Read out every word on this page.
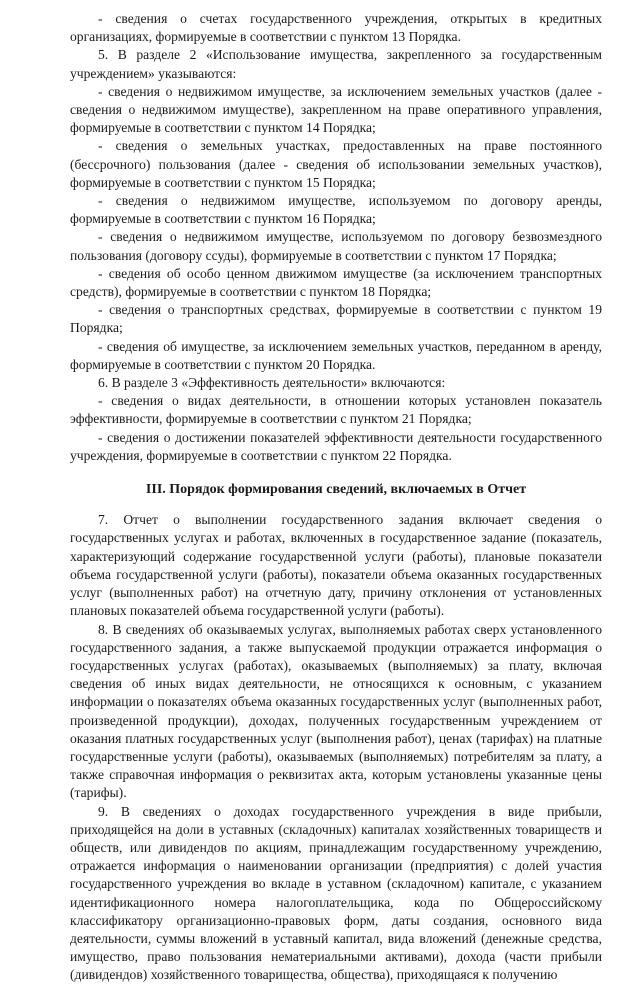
- сведения о счетах государственного учреждения, открытых в кредитных организациях, формируемые в соответствии с пунктом 13 Порядка.

5. В разделе 2 «Использование имущества, закрепленного за государственным учреждением» указываются:

- сведения о недвижимом имуществе, за исключением земельных участков (далее - сведения о недвижимом имуществе), закрепленном на праве оперативного управления, формируемые в соответствии с пунктом 14 Порядка;

- сведения о земельных участках, предоставленных на праве постоянного (бессрочного) пользования (далее - сведения об использовании земельных участков), формируемые в соответствии с пунктом 15 Порядка;

- сведения о недвижимом имуществе, используемом по договору аренды, формируемые в соответствии с пунктом 16 Порядка;

- сведения о недвижимом имуществе, используемом по договору безвозмездного пользования (договору ссуды), формируемые в соответствии с пунктом 17 Порядка;

- сведения об особо ценном движимом имуществе (за исключением транспортных средств), формируемые в соответствии с пунктом 18 Порядка;

- сведения о транспортных средствах, формируемые в соответствии с пунктом 19 Порядка;

- сведения об имуществе, за исключением земельных участков, переданном в аренду, формируемые в соответствии с пунктом 20 Порядка.

6. В разделе 3 «Эффективность деятельности» включаются:

- сведения о видах деятельности, в отношении которых установлен показатель эффективности, формируемые в соответствии с пунктом 21 Порядка;

- сведения о достижении показателей эффективности деятельности государственного учреждения, формируемые в соответствии с пунктом 22 Порядка.

III. Порядок формирования сведений, включаемых в Отчет

7. Отчет о выполнении государственного задания включает сведения о государственных услугах и работах, включенных в государственное задание (показатель, характеризующий содержание государственной услуги (работы), плановые показатели объема государственной услуги (работы), показатели объема оказанных государственных услуг (выполненных работ) на отчетную дату, причину отклонения от установленных плановых показателей объема государственной услуги (работы).

8. В сведениях об оказываемых услугах, выполняемых работах сверх установленного государственного задания, а также выпускаемой продукции отражается информация о государственных услугах (работах), оказываемых (выполняемых) за плату, включая сведения об иных видах деятельности, не относящихся к основным, с указанием информации о показателях объема оказанных государственных услуг (выполненных работ, произведенной продукции), доходах, полученных государственным учреждением от оказания платных государственных услуг (выполнения работ), ценах (тарифах) на платные государственные услуги (работы), оказываемых (выполняемых) потребителям за плату, а также справочная информация о реквизитах акта, которым установлены указанные цены (тарифы).

9. В сведениях о доходах государственного учреждения в виде прибыли, приходящейся на доли в уставных (складочных) капиталах хозяйственных товариществ и обществ, или дивидендов по акциям, принадлежащим государственному учреждению, отражается информация о наименовании организации (предприятия) с долей участия государственного учреждения во вкладе в уставном (складочном) капитале, с указанием идентификационного номера налогоплательщика, кода по Общероссийскому классификатору организационно-правовых форм, даты создания, основного вида деятельности, суммы вложений в уставный капитал, вида вложений (денежные средства, имущество, право пользования нематериальными активами), дохода (части прибыли (дивидендов) хозяйственного товарищества, общества), приходящаяся к получению
